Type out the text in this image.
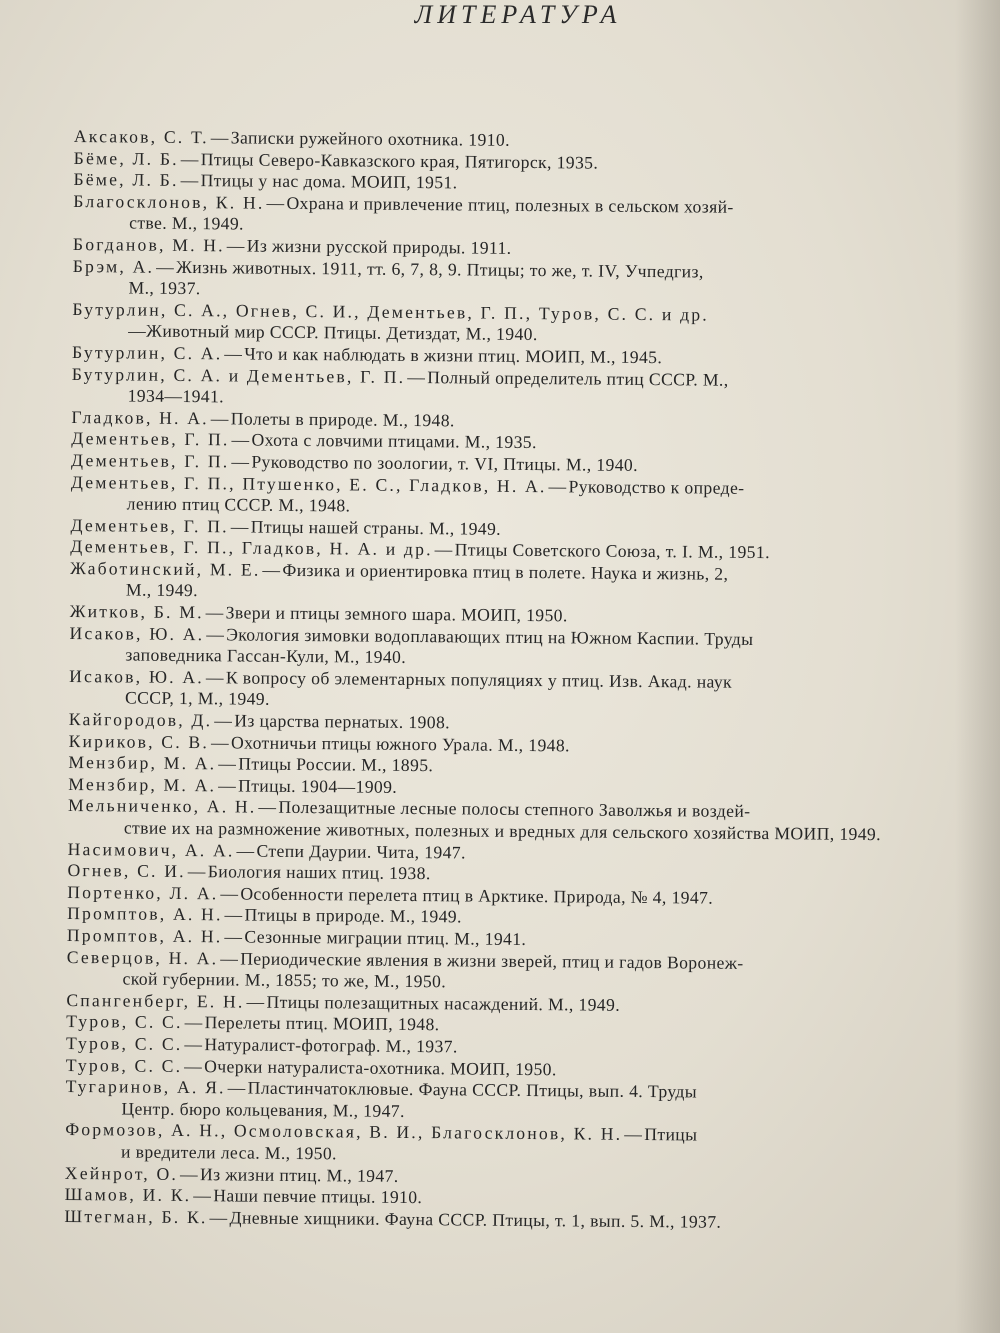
ЛИТЕРАТУРА
Аксаков, С. Т. — Записки ружейного охотника. 1910.
Бёме, Л. Б. — Птицы Северо-Кавказского края, Пятигорск, 1935.
Бёме, Л. Б. — Птицы у нас дома. МОИП, 1951.
Благосклонов, К. Н. — Охрана и привлечение птиц, полезных в сельском хозяй-
стве. М., 1949.
Богданов, М. Н. — Из жизни русской природы. 1911.
Брэм, А. — Жизнь животных. 1911, тт. 6, 7, 8, 9. Птицы; то же, т. IV, Учпедгиз,
М., 1937.
Бутурлин, С. А., Огнев, С. И., Дементьев, Г. П., Туров, С. С. и др.
—Животный мир СССР. Птицы. Детиздат, М., 1940.
Бутурлин, С. А. — Что и как наблюдать в жизни птиц. МОИП, М., 1945.
Бутурлин, С. А. и Дементьев, Г. П. — Полный определитель птиц СССР. М.,
1934—1941.
Гладков, Н. А. — Полеты в природе. М., 1948.
Дементьев, Г. П. — Охота с ловчими птицами. М., 1935.
Дементьев, Г. П. — Руководство по зоологии, т. VI, Птицы. М., 1940.
Дементьев, Г. П., Птушенко, Е. С., Гладков, Н. А. — Руководство к опреде-
лению птиц СССР. М., 1948.
Дементьев, Г. П. — Птицы нашей страны. М., 1949.
Дементьев, Г. П., Гладков, Н. А. и др. — Птицы Советского Союза, т. I. М., 1951.
Жаботинский, М. Е. — Физика и ориентировка птиц в полете. Наука и жизнь, 2,
М., 1949.
Житков, Б. М. — Звери и птицы земного шара. МОИП, 1950.
Исаков, Ю. А. — Экология зимовки водоплавающих птиц на Южном Каспии. Труды
заповедника Гассан-Кули, М., 1940.
Исаков, Ю. А. — К вопросу об элементарных популяциях у птиц. Изв. Акад. наук
СССР, 1, М., 1949.
Кайгородов, Д. — Из царства пернатых. 1908.
Кириков, С. В. — Охотничьи птицы южного Урала. М., 1948.
Мензбир, М. А. — Птицы России. М., 1895.
Мензбир, М. А. — Птицы. 1904—1909.
Мельниченко, А. Н. — Полезащитные лесные полосы степного Заволжья и воздей-
ствие их на размножение животных, полезных и вредных для сельского хозяйства МОИП, 1949.
Насимович, А. А. — Степи Даурии. Чита, 1947.
Огнев, С. И. — Биология наших птиц. 1938.
Портенко, Л. А. — Особенности перелета птиц в Арктике. Природа, № 4, 1947.
Промптов, А. Н. — Птицы в природе. М., 1949.
Промптов, А. Н. — Сезонные миграции птиц. М., 1941.
Северцов, Н. А. — Периодические явления в жизни зверей, птиц и гадов Воронеж-
ской губернии. М., 1855; то же, М., 1950.
Спангенберг, Е. Н. — Птицы полезащитных насаждений. М., 1949.
Туров, С. С. — Перелеты птиц. МОИП, 1948.
Туров, С. С. — Натуралист-фотограф. М., 1937.
Туров, С. С. — Очерки натуралиста-охотника. МОИП, 1950.
Тугаринов, А. Я. — Пластинчатоклювые. Фауна СССР. Птицы, вып. 4. Труды
Центр. бюро кольцевания, М., 1947.
Формозов, А. Н., Осмоловская, В. И., Благосклонов, К. Н. — Птицы
и вредители леса. М., 1950.
Хейнрот, О. — Из жизни птиц. М., 1947.
Шамов, И. К. — Наши певчие птицы. 1910.
Штегман, Б. К. — Дневные хищники. Фауна СССР. Птицы, т. 1, вып. 5. М., 1937.
